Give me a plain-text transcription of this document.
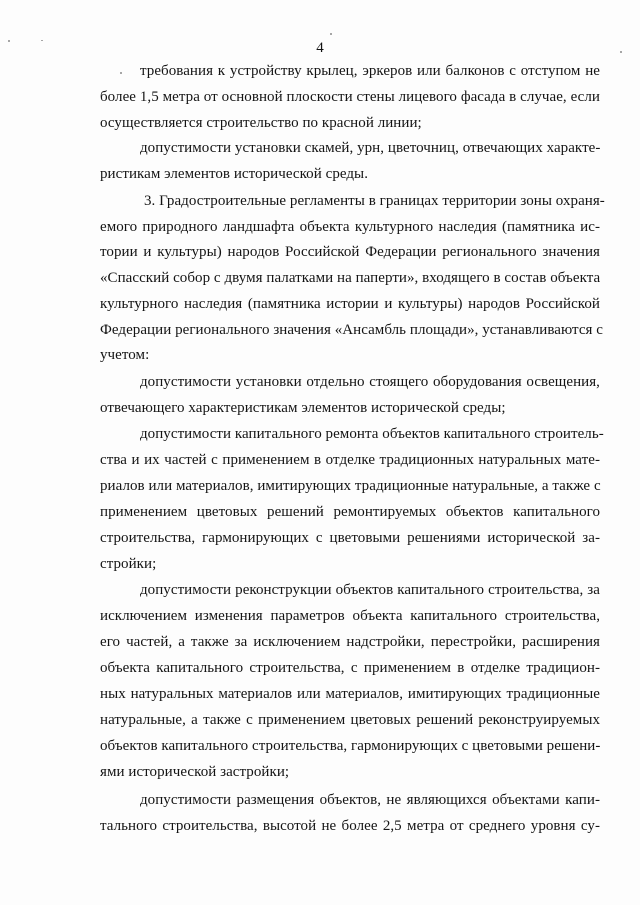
4
требования к устройству крылец, эркеров или балконов с отступом не
более 1,5 метра от основной плоскости стены лицевого фасада в случае, если
осуществляется строительство по красной линии;
допустимости установки скамей, урн, цветочниц, отвечающих характе-
ристикам элементов исторической среды.
3. Градостроительные регламенты в границах территории зоны охраня-
емого природного ландшафта объекта культурного наследия (памятника ис-
тории и культуры) народов Российской Федерации регионального значения
«Спасский собор с двумя палатками на паперти», входящего в состав объекта
культурного наследия (памятника истории и культуры) народов Российской
Федерации регионального значения «Ансамбль площади», устанавливаются с
учетом:
допустимости установки отдельно стоящего оборудования освещения,
отвечающего характеристикам элементов исторической среды;
допустимости капитального ремонта объектов капитального строитель-
ства и их частей с применением в отделке традиционных натуральных мате-
риалов или материалов, имитирующих традиционные натуральные, а также с
применением цветовых решений ремонтируемых объектов капитального
строительства, гармонирующих с цветовыми решениями исторической за-
стройки;
допустимости реконструкции объектов капитального строительства, за
исключением изменения параметров объекта капитального строительства,
его частей, а также за исключением надстройки, перестройки, расширения
объекта капитального строительства, с применением в отделке традицион-
ных натуральных материалов или материалов, имитирующих традиционные
натуральные, а также с применением цветовых решений реконструируемых
объектов капитального строительства, гармонирующих с цветовыми решени-
ями исторической застройки;
допустимости размещения объектов, не являющихся объектами капи-
тального строительства, высотой не более 2,5 метра от среднего уровня су-
